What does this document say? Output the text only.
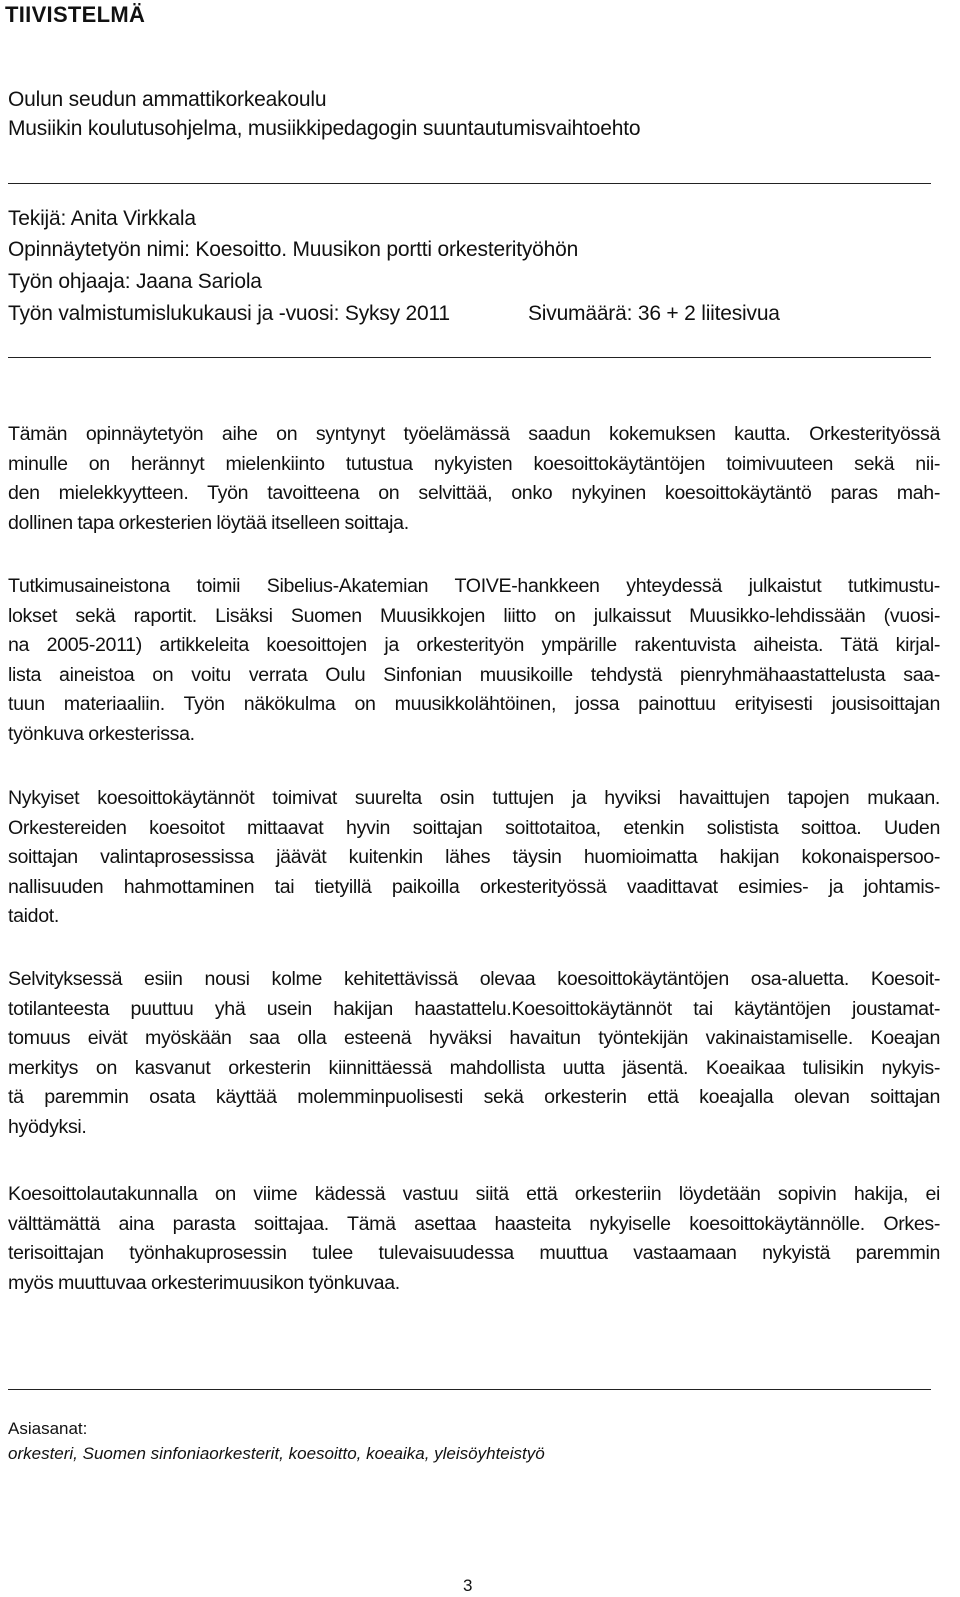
TIIVISTELMÄ
Oulun seudun ammattikorkeakoulu
Musiikin koulutusohjelma, musiikkipedagogin suuntautumisvaihtoehto
Tekijä: Anita Virkkala
Opinnäytetyön nimi: Koesoitto. Muusikon portti orkesterityöhön
Työn ohjaaja: Jaana Sariola
Työn valmistumislukukausi ja -vuosi: Syksy 2011	Sivumäärä: 36 + 2 liitesivua
Tämän opinnäytetyön aihe on syntynyt työelämässä saadun kokemuksen kautta. Orkesterityössä
minulle on herännyt mielenkiinto tutustua nykyisten koesoittokäytäntöjen toimivuuteen sekä nii-
den mielekkyytteen. Työn tavoitteena on selvittää, onko nykyinen koesoittokäytäntö paras mah-
dollinen tapa orkesterien löytää itselleen soittaja.
Tutkimusaineistona toimii Sibelius-Akatemian TOIVE-hankkeen yhteydessä julkaistut tutkimustu-
lokset sekä raportit. Lisäksi Suomen Muusikkojen liitto on julkaissut Muusikko-lehdissään (vuosi-
na 2005-2011) artikkeleita koesoittojen ja orkesterityön ympärille rakentuvista aiheista. Tätä kirjal-
lista aineistoa on voitu verrata Oulu Sinfonian muusikoille tehdystä pienryhmähaastattelusta saa-
tuun materiaaliin. Työn näkökulma on muusikkolähtöinen, jossa painottuu erityisesti jousisoittajan
työnkuva orkesterissa.
Nykyiset koesoittokäytännöt toimivat suurelta osin tuttujen ja hyviksi havaittujen tapojen mukaan.
Orkestereiden koesoitot mittaavat hyvin soittajan soittotaitoa, etenkin solistista soittoa. Uuden
soittajan valintaprosessissa jäävät kuitenkin lähes täysin huomioimatta hakijan kokonaispersoo-
nallisuuden hahmottaminen tai tietyillä paikoilla orkesterityössä vaadittavat esimies- ja johtamis-
taidot.
Selvityksessä esiin nousi kolme kehitettävissä olevaa koesoittokäytäntöjen osa-aluetta. Koesoit-
totilanteesta puuttuu yhä usein hakijan haastattelu.Koesoittokäytännöt tai käytäntöjen joustamat-
tomuus eivät myöskään saa olla esteenä hyväksi havaitun työntekijän vakinaistamiselle. Koeajan
merkitys on kasvanut orkesterin kiinnittäessä mahdollista uutta jäsentä. Koeaikaa tulisikin nykyis-
tä paremmin osata käyttää molemminpuolisesti sekä orkesterin että koeajalla olevan soittajan
hyödyksi.
Koesoittolautakunnalla on viime kädessä vastuu siitä että orkesteriin löydetään sopivin hakija, ei
välttämättä aina parasta soittajaa. Tämä asettaa haasteita nykyiselle koesoittokäytännölle. Orkes-
terisoittajan työnhakuprosessin tulee tulevaisuudessa muuttua vastaamaan nykyistä paremmin
myös muuttuvaa orkesterimuusikon työnkuvaa.
Asiasanat:
orkesteri, Suomen sinfoniaorkesterit, koesoitto, koeaika, yleisöyhteistyö
3
